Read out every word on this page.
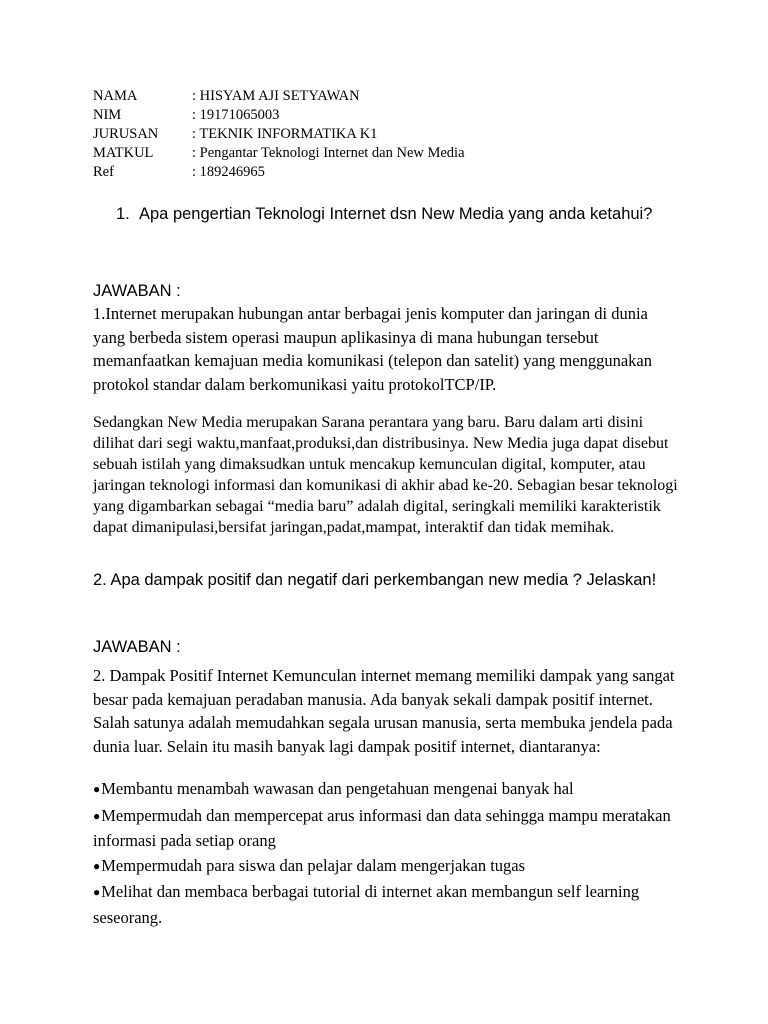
NAMA	: HISYAM AJI SETYAWAN
NIM	: 19171065003
JURUSAN	: TEKNIK INFORMATIKA K1
MATKUL	: Pengantar Teknologi Internet dan New Media
Ref	: 189246965
1. Apa pengertian Teknologi Internet dsn New Media yang anda ketahui?
JAWABAN :
1.Internet merupakan hubungan antar berbagai jenis komputer dan jaringan di dunia yang berbeda sistem operasi maupun aplikasinya di mana hubungan tersebut memanfaatkan kemajuan media komunikasi (telepon dan satelit) yang menggunakan protokol standar dalam berkomunikasi yaitu protokolTCP/IP.
Sedangkan New Media merupakan Sarana perantara yang baru. Baru dalam arti disini dilihat dari segi waktu,manfaat,produksi,dan distribusinya. New Media juga dapat disebut sebuah istilah yang dimaksudkan untuk mencakup kemunculan digital, komputer, atau jaringan teknologi informasi dan komunikasi di akhir abad ke-20. Sebagian besar teknologi yang digambarkan sebagai “media baru” adalah digital, seringkali memiliki karakteristik dapat dimanipulasi,bersifat jaringan,padat,mampat, interaktif dan tidak memihak.
2. Apa dampak positif dan negatif dari perkembangan new media ? Jelaskan!
JAWABAN :
2. Dampak Positif Internet Kemunculan internet memang memiliki dampak yang sangat besar pada kemajuan peradaban manusia. Ada banyak sekali dampak positif internet. Salah satunya adalah memudahkan segala urusan manusia, serta membuka jendela pada dunia luar. Selain itu masih banyak lagi dampak positif internet, diantaranya:
●Membantu menambah wawasan dan pengetahuan mengenai banyak hal
●Mempermudah dan mempercepat arus informasi dan data sehingga mampu meratakan informasi pada setiap orang
●Mempermudah para siswa dan pelajar dalam mengerjakan tugas
●Melihat dan membaca berbagai tutorial di internet akan membangun self learning seseorang.
